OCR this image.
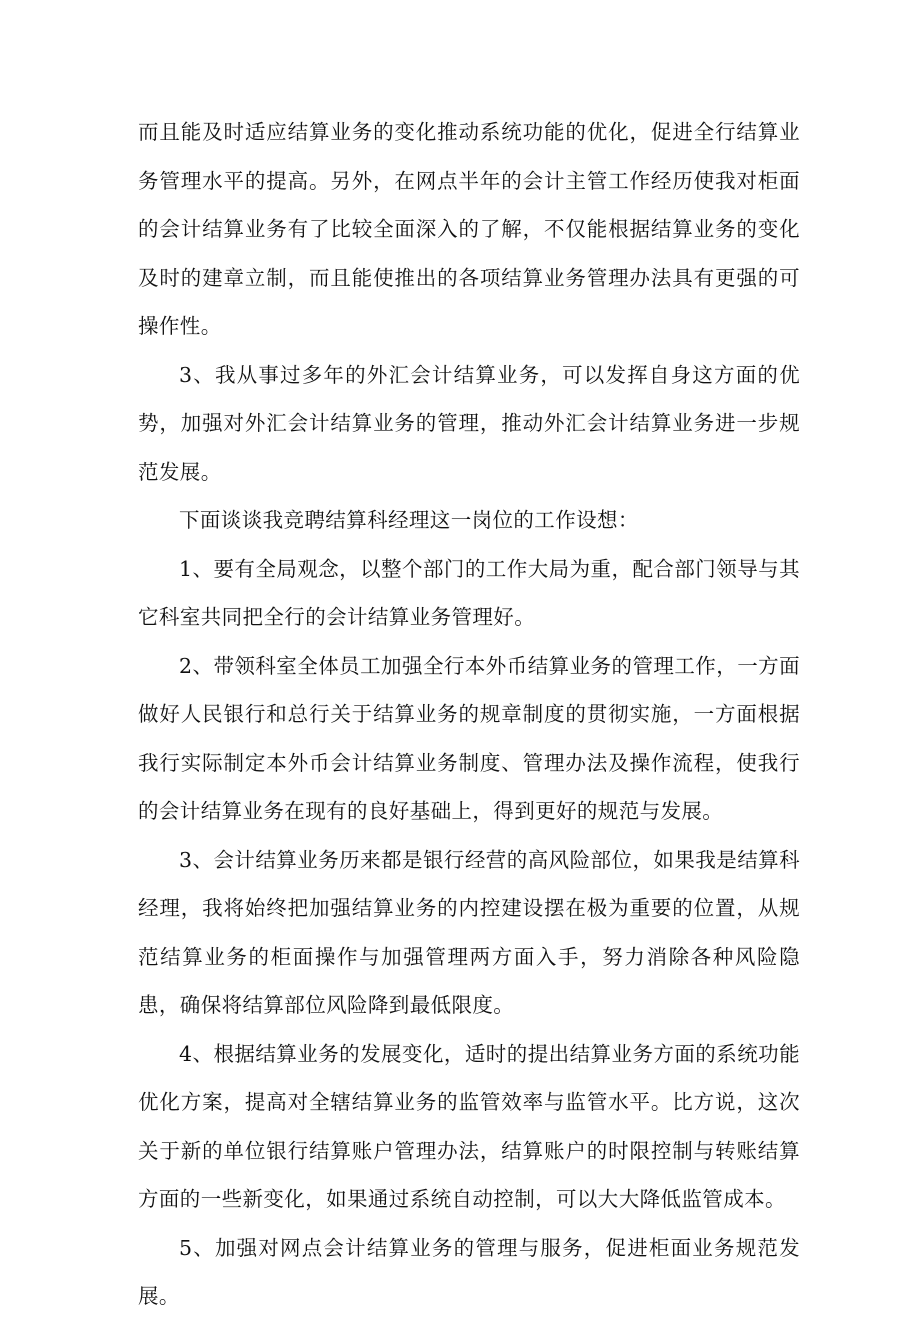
而且能及时适应结算业务的变化推动系统功能的优化，促进全行结算业务管理水平的提高。另外，在网点半年的会计主管工作经历使我对柜面的会计结算业务有了比较全面深入的了解，不仅能根据结算业务的变化及时的建章立制，而且能使推出的各项结算业务管理办法具有更强的可操作性。

3、我从事过多年的外汇会计结算业务，可以发挥自身这方面的优势，加强对外汇会计结算业务的管理，推动外汇会计结算业务进一步规范发展。

下面谈谈我竞聘结算科经理这一岗位的工作设想：

1、要有全局观念，以整个部门的工作大局为重，配合部门领导与其它科室共同把全行的会计结算业务管理好。

2、带领科室全体员工加强全行本外币结算业务的管理工作，一方面做好人民银行和总行关于结算业务的规章制度的贯彻实施，一方面根据我行实际制定本外币会计结算业务制度、管理办法及操作流程，使我行的会计结算业务在现有的良好基础上，得到更好的规范与发展。

3、会计结算业务历来都是银行经营的高风险部位，如果我是结算科经理，我将始终把加强结算业务的内控建设摆在极为重要的位置，从规范结算业务的柜面操作与加强管理两方面入手，努力消除各种风险隐患，确保将结算部位风险降到最低限度。

4、根据结算业务的发展变化，适时的提出结算业务方面的系统功能优化方案，提高对全辖结算业务的监管效率与监管水平。比方说，这次关于新的单位银行结算账户管理办法，结算账户的时限控制与转账结算方面的一些新变化，如果通过系统自动控制，可以大大降低监管成本。

5、加强对网点会计结算业务的管理与服务，促进柜面业务规范发展。
